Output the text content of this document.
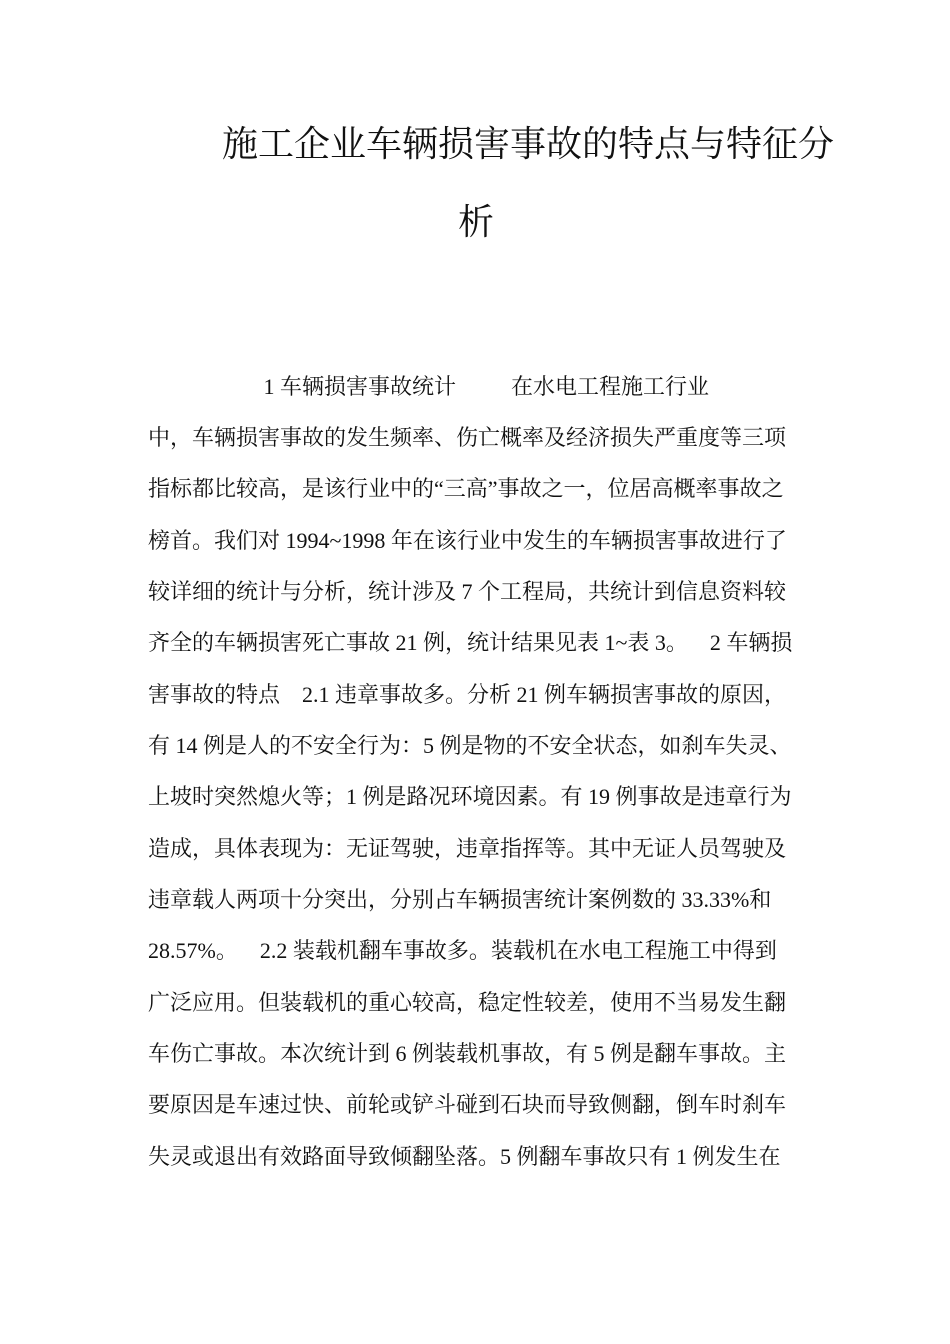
施工企业车辆损害事故的特点与特征分
析
1 车辆损害事故统计          在水电工程施工行业
中，车辆损害事故的发生频率、伤亡概率及经济损失严重度等三项
指标都比较高，是该行业中的“三高”事故之一，位居高概率事故之
榜首。我们对 1994~1998 年在该行业中发生的车辆损害事故进行了
较详细的统计与分析，统计涉及 7 个工程局，共统计到信息资料较
齐全的车辆损害死亡事故 21 例，统计结果见表 1~表 3。    2 车辆损
害事故的特点    2.1 违章事故多。分析 21 例车辆损害事故的原因，
有 14 例是人的不安全行为：5 例是物的不安全状态，如刹车失灵、
上坡时突然熄火等；1 例是路况环境因素。有 19 例事故是违章行为
造成，具体表现为：无证驾驶，违章指挥等。其中无证人员驾驶及
违章载人两项十分突出，分别占车辆损害统计案例数的 33.33%和
28.57%。    2.2 装载机翻车事故多。装载机在水电工程施工中得到
广泛应用。但装载机的重心较高，稳定性较差，使用不当易发生翻
车伤亡事故。本次统计到 6 例装载机事故，有 5 例是翻车事故。主
要原因是车速过快、前轮或铲斗碰到石块而导致侧翻，倒车时刹车
失灵或退出有效路面导致倾翻坠落。5 例翻车事故只有 1 例发生在
